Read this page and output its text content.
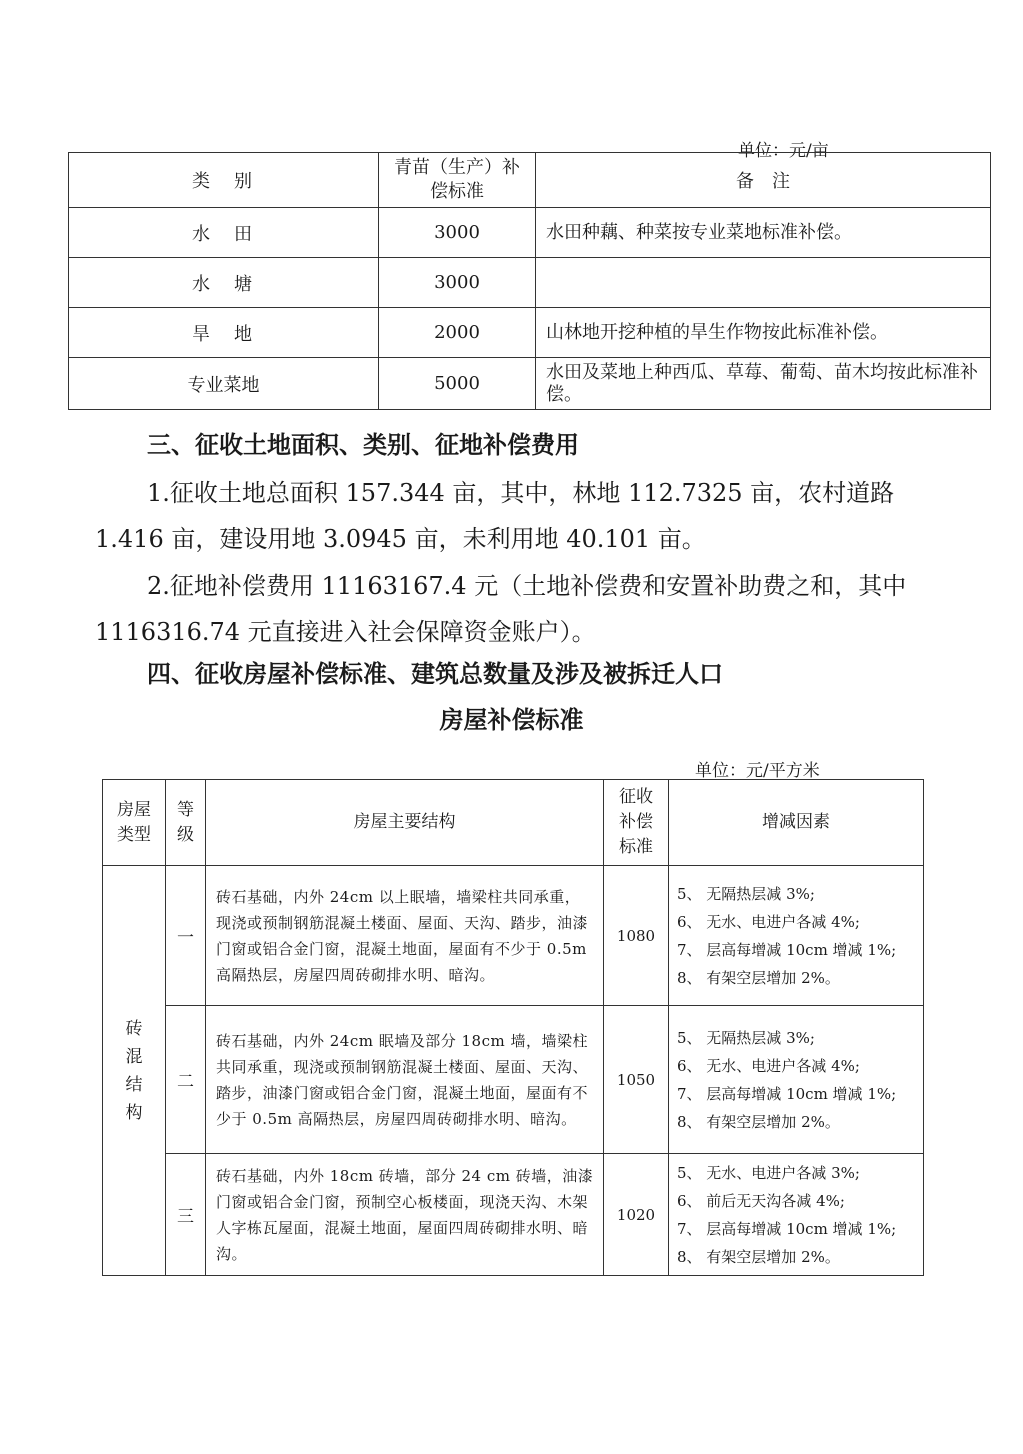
单位：元/亩
类　别	青苗（生产）补偿标准	备　注
水　田	3000	水田种藕、种菜按专业菜地标准补偿。
水　塘	3000	
旱　地	2000	山林地开挖种植的旱生作物按此标准补偿。
专业菜地	5000	水田及菜地上种西瓜、草莓、葡萄、苗木均按此标准补偿。
三、征收土地面积、类别、征地补偿费用
1.征收土地总面积 157.344 亩，其中，林地 112.7325 亩，农村道路 1.416 亩，建设用地 3.0945 亩，未利用地 40.101 亩。
2.征地补偿费用 11163167.4 元（土地补偿费和安置补助费之和，其中 1116316.74 元直接进入社会保障资金账户）。
四、征收房屋补偿标准、建筑总数量及涉及被拆迁人口
房屋补偿标准
单位：元/平方米
房屋类型	等级	房屋主要结构	征收补偿标准	增减因素
砖混结构	一	砖石基础，内外 24cm 以上眠墙，墙梁柱共同承重，现浇或预制钢筋混凝土楼面、屋面、天沟、踏步，油漆门窗或铝合金门窗，混凝土地面，屋面有不少于 0.5m 高隔热层，房屋四周砖砌排水明、暗沟。	1080	5、 无隔热层减 3%;
6、 无水、电进户各减 4%;
7、 层高每增减 10cm 增减 1%;
8、 有架空层增加 2%。

	二	砖石基础，内外 24cm 眠墙及部分 18cm 墙，墙梁柱共同承重，现浇或预制钢筋混凝土楼面、屋面、天沟、踏步，油漆门窗或铝合金门窗，混凝土地面，屋面有不少于 0.5m 高隔热层，房屋四周砖砌排水明、暗沟。	1050	5、 无隔热层减 3%;
6、 无水、电进户各减 4%;
7、 层高每增减 10cm 增减 1%;
8、 有架空层增加 2%。

	三	砖石基础，内外 18cm 砖墙，部分 24 cm 砖墙，油漆门窗或铝合金门窗，预制空心板楼面，现浇天沟、木架人字栋瓦屋面，混凝土地面，屋面四周砖砌排水明、暗沟。	1020	5、 无水、电进户各减 3%;
6、 前后无天沟各减 4%;
7、 层高每增减 10cm 增减 1%;
8、 有架空层增加 2%。
